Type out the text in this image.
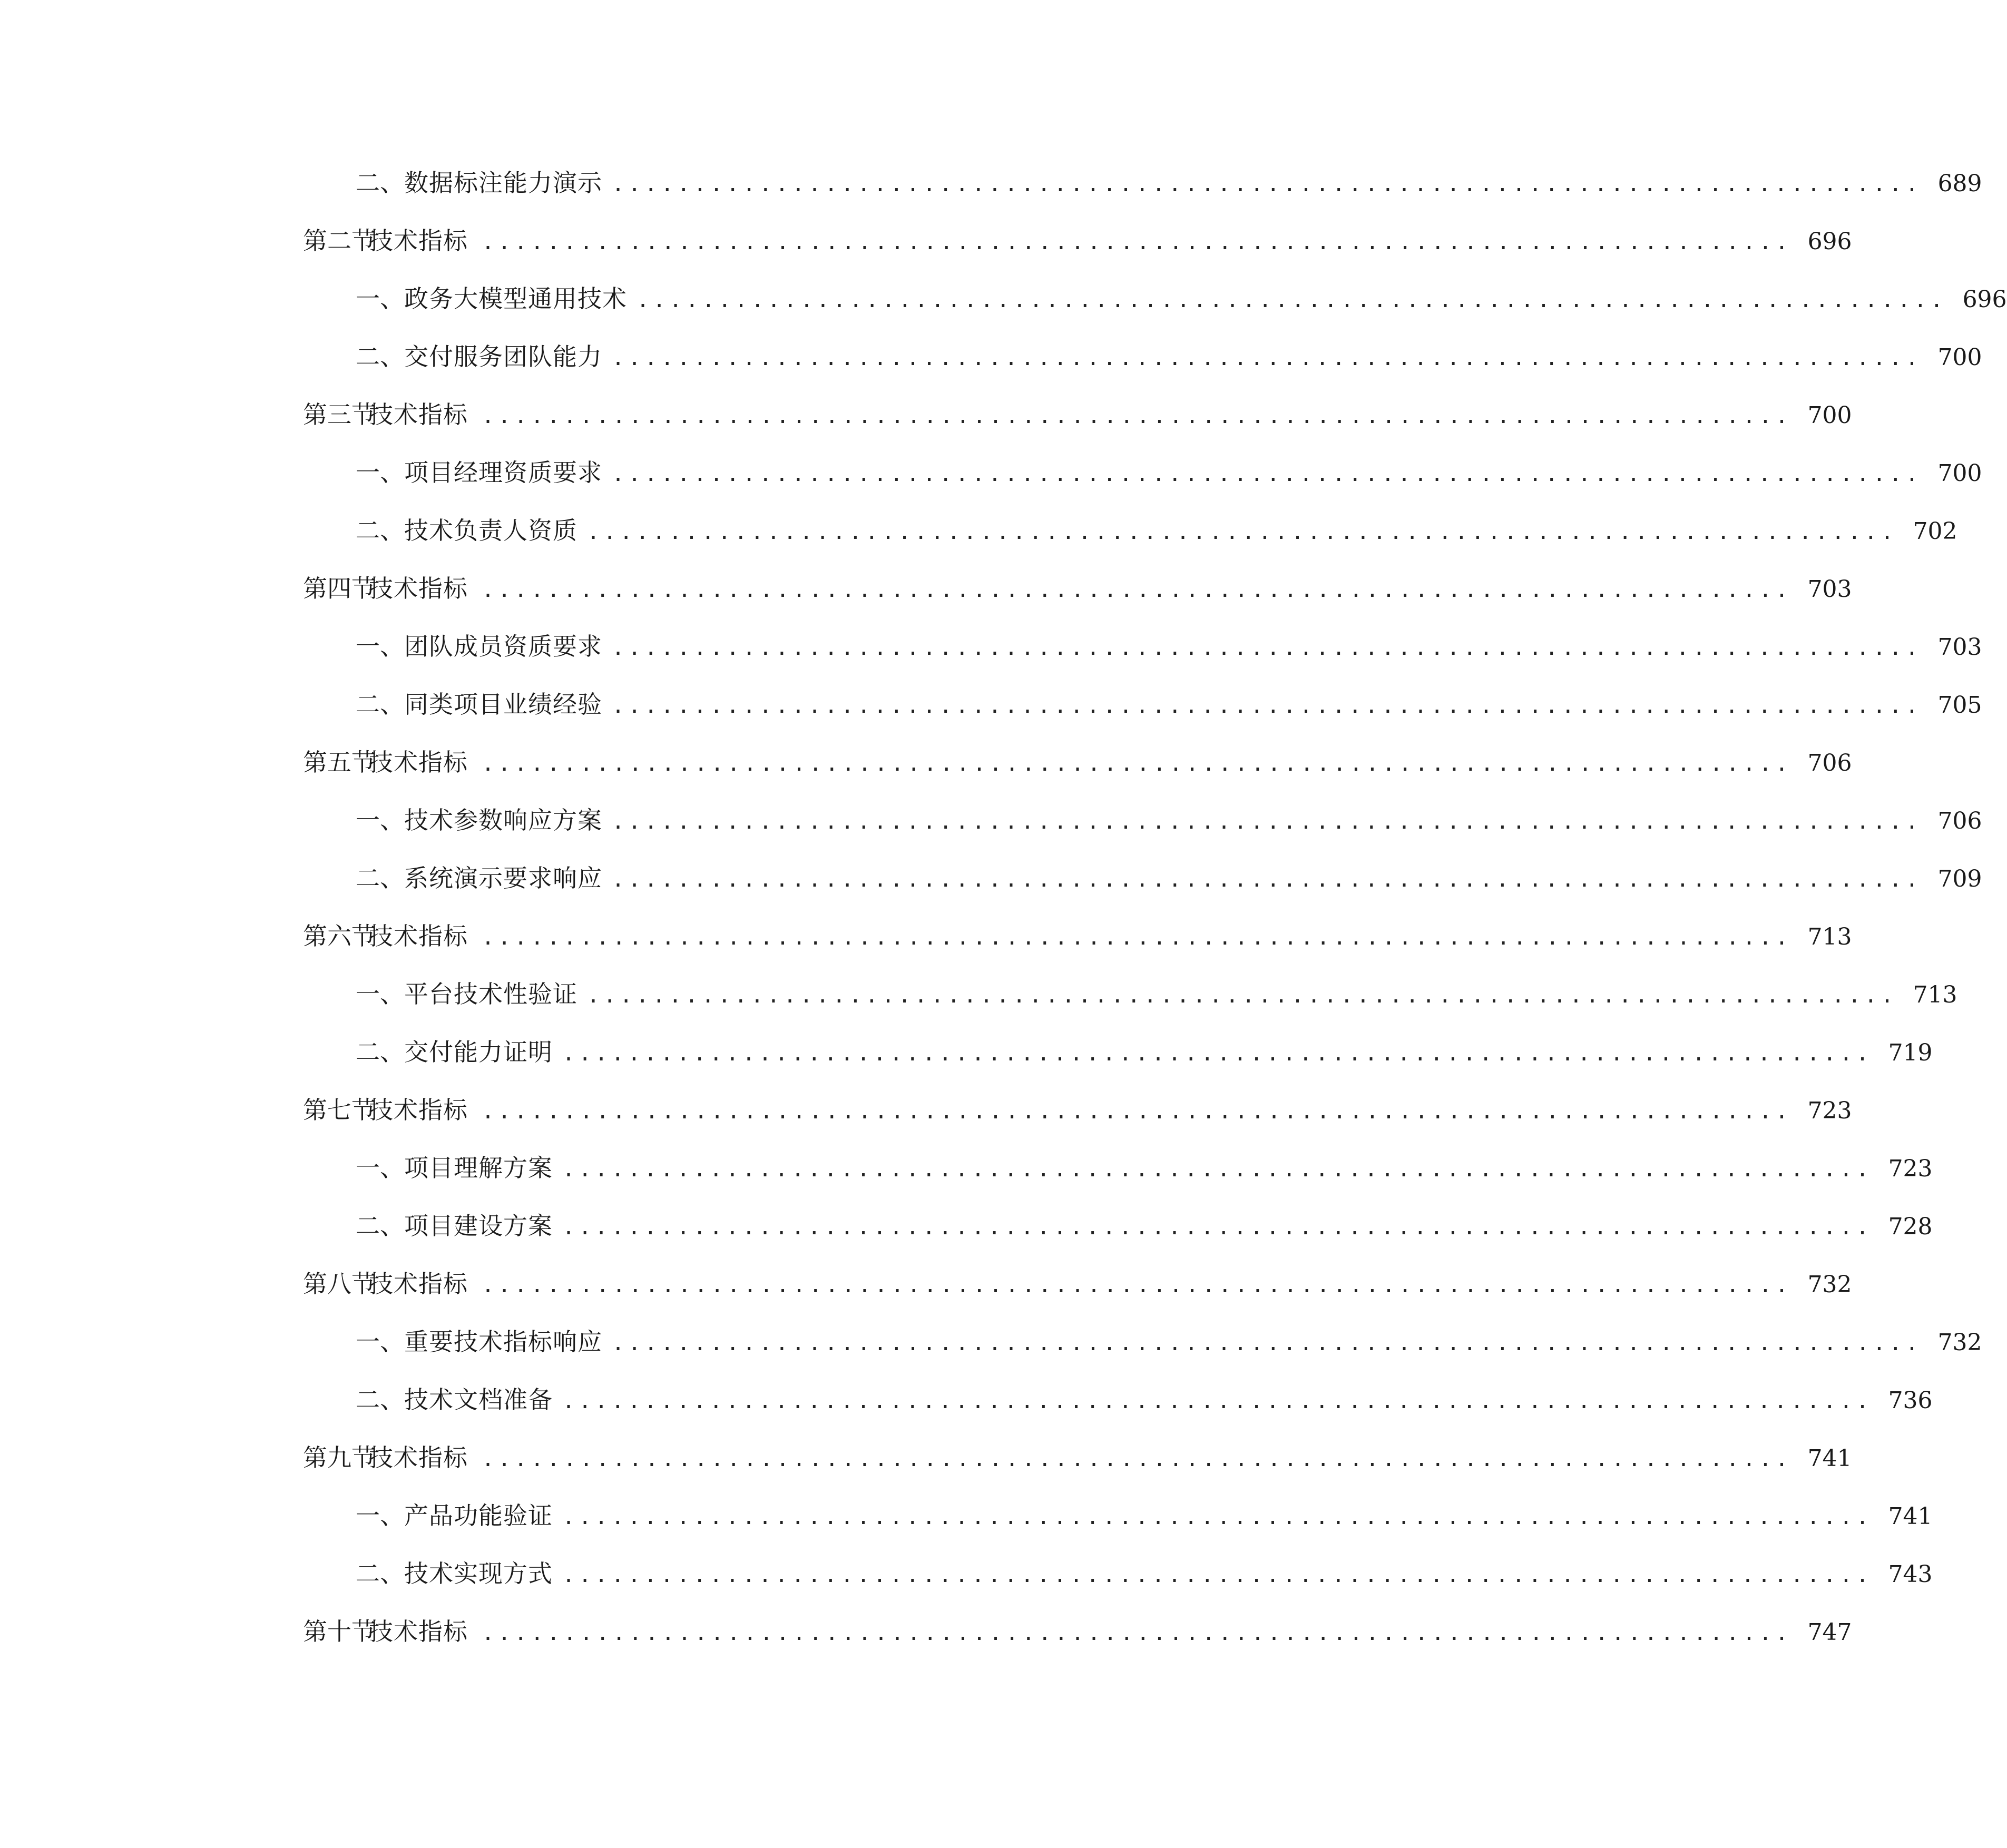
二、 数据标注能力演示 ................................................................................ 689
第二节
技术指标 ................................................................................ 696
一、 政务大模型通用技术 ................................................................................ 696
二、 交付服务团队能力 ................................................................................ 700
第三节
技术指标 ................................................................................ 700
一、 项目经理资质要求 ................................................................................ 700
二、 技术负责人资质 ................................................................................ 702
第四节
技术指标 ................................................................................ 703
一、 团队成员资质要求 ................................................................................ 703
二、 同类项目业绩经验 ................................................................................ 705
第五节
技术指标 ................................................................................ 706
一、 技术参数响应方案 ................................................................................ 706
二、 系统演示要求响应 ................................................................................ 709
第六节
技术指标 ................................................................................ 713
一、 平台技术性验证 ................................................................................ 713
二、 交付能力证明 ................................................................................ 719
第七节
技术指标 ................................................................................ 723
一、 项目理解方案 ................................................................................ 723
二、 项目建设方案 ................................................................................ 728
第八节
技术指标 ................................................................................ 732
一、 重要技术指标响应 ................................................................................ 732
二、 技术文档准备 ................................................................................ 736
第九节
技术指标 ................................................................................ 741
一、 产品功能验证 ................................................................................ 741
二、 技术实现方式 ................................................................................ 743
第十节
技术指标 ................................................................................ 747
